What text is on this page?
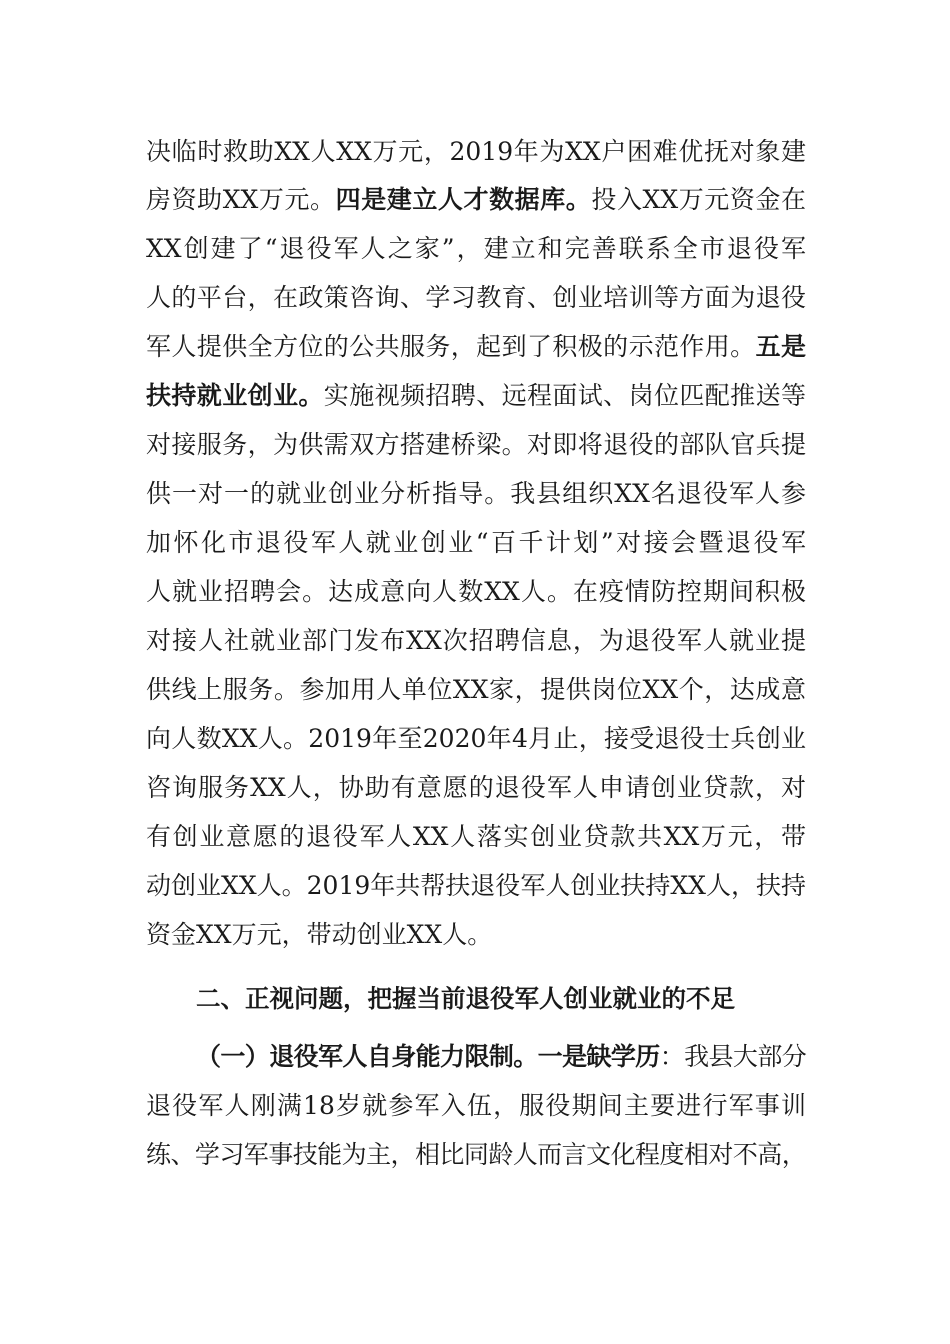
决临时救助XX人XX万元，2019年为XX户困难优抚对象建
房资助XX万元。四是建立人才数据库。投入XX万元资金在
XX创建了“退役军人之家”，建立和完善联系全市退役军
人的平台，在政策咨询、学习教育、创业培训等方面为退役
军人提供全方位的公共服务，起到了积极的示范作用。五是
扶持就业创业。实施视频招聘、远程面试、岗位匹配推送等
对接服务，为供需双方搭建桥梁。对即将退役的部队官兵提
供一对一的就业创业分析指导。我县组织XX名退役军人参
加怀化市退役军人就业创业“百千计划”对接会暨退役军
人就业招聘会。达成意向人数XX人。在疫情防控期间积极
对接人社就业部门发布XX次招聘信息，为退役军人就业提
供线上服务。参加用人单位XX家，提供岗位XX个，达成意
向人数XX人。2019年至2020年4月止，接受退役士兵创业
咨询服务XX人，协助有意愿的退役军人申请创业贷款，对
有创业意愿的退役军人XX人落实创业贷款共XX万元，带
动创业XX人。2019年共帮扶退役军人创业扶持XX人，扶持
资金XX万元，带动创业XX人。
二、正视问题，把握当前退役军人创业就业的不足
（一）退役军人自身能力限制。一是缺学历：我县大部分
退役军人刚满18岁就参军入伍，服役期间主要进行军事训
练、学习军事技能为主，相比同龄人而言文化程度相对不高，
